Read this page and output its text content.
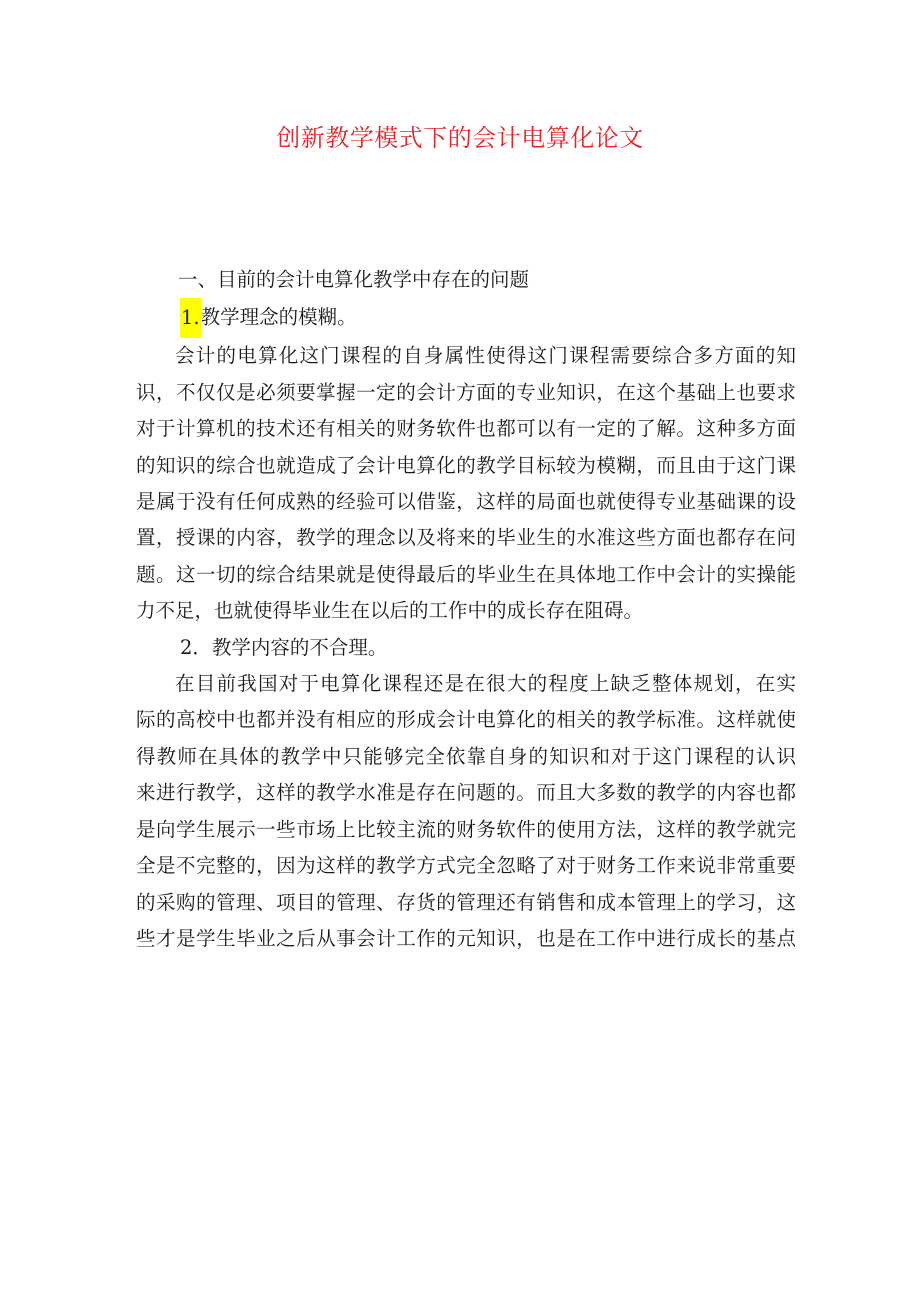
创新教学模式下的会计电算化论文

一、目前的会计电算化教学中存在的问题

1.教学理念的模糊。

会计的电算化这门课程的自身属性使得这门课程需要综合多方面的知
识，不仅仅是必须要掌握一定的会计方面的专业知识，在这个基础上也要求
对于计算机的技术还有相关的财务软件也都可以有一定的了解。这种多方面
的知识的综合也就造成了会计电算化的教学目标较为模糊，而且由于这门课
是属于没有任何成熟的经验可以借鉴，这样的局面也就使得专业基础课的设
置，授课的内容，教学的理念以及将来的毕业生的水准这些方面也都存在问
题。这一切的综合结果就是使得最后的毕业生在具体地工作中会计的实操能
力不足，也就使得毕业生在以后的工作中的成长存在阻碍。

2．教学内容的不合理。

在目前我国对于电算化课程还是在很大的程度上缺乏整体规划，在实
际的高校中也都并没有相应的形成会计电算化的相关的教学标准。这样就使
得教师在具体的教学中只能够完全依靠自身的知识和对于这门课程的认识
来进行教学，这样的教学水准是存在问题的。而且大多数的教学的内容也都
是向学生展示一些市场上比较主流的财务软件的使用方法，这样的教学就完
全是不完整的，因为这样的教学方式完全忽略了对于财务工作来说非常重要
的采购的管理、项目的管理、存货的管理还有销售和成本管理上的学习，这
些才是学生毕业之后从事会计工作的元知识，也是在工作中进行成长的基点
